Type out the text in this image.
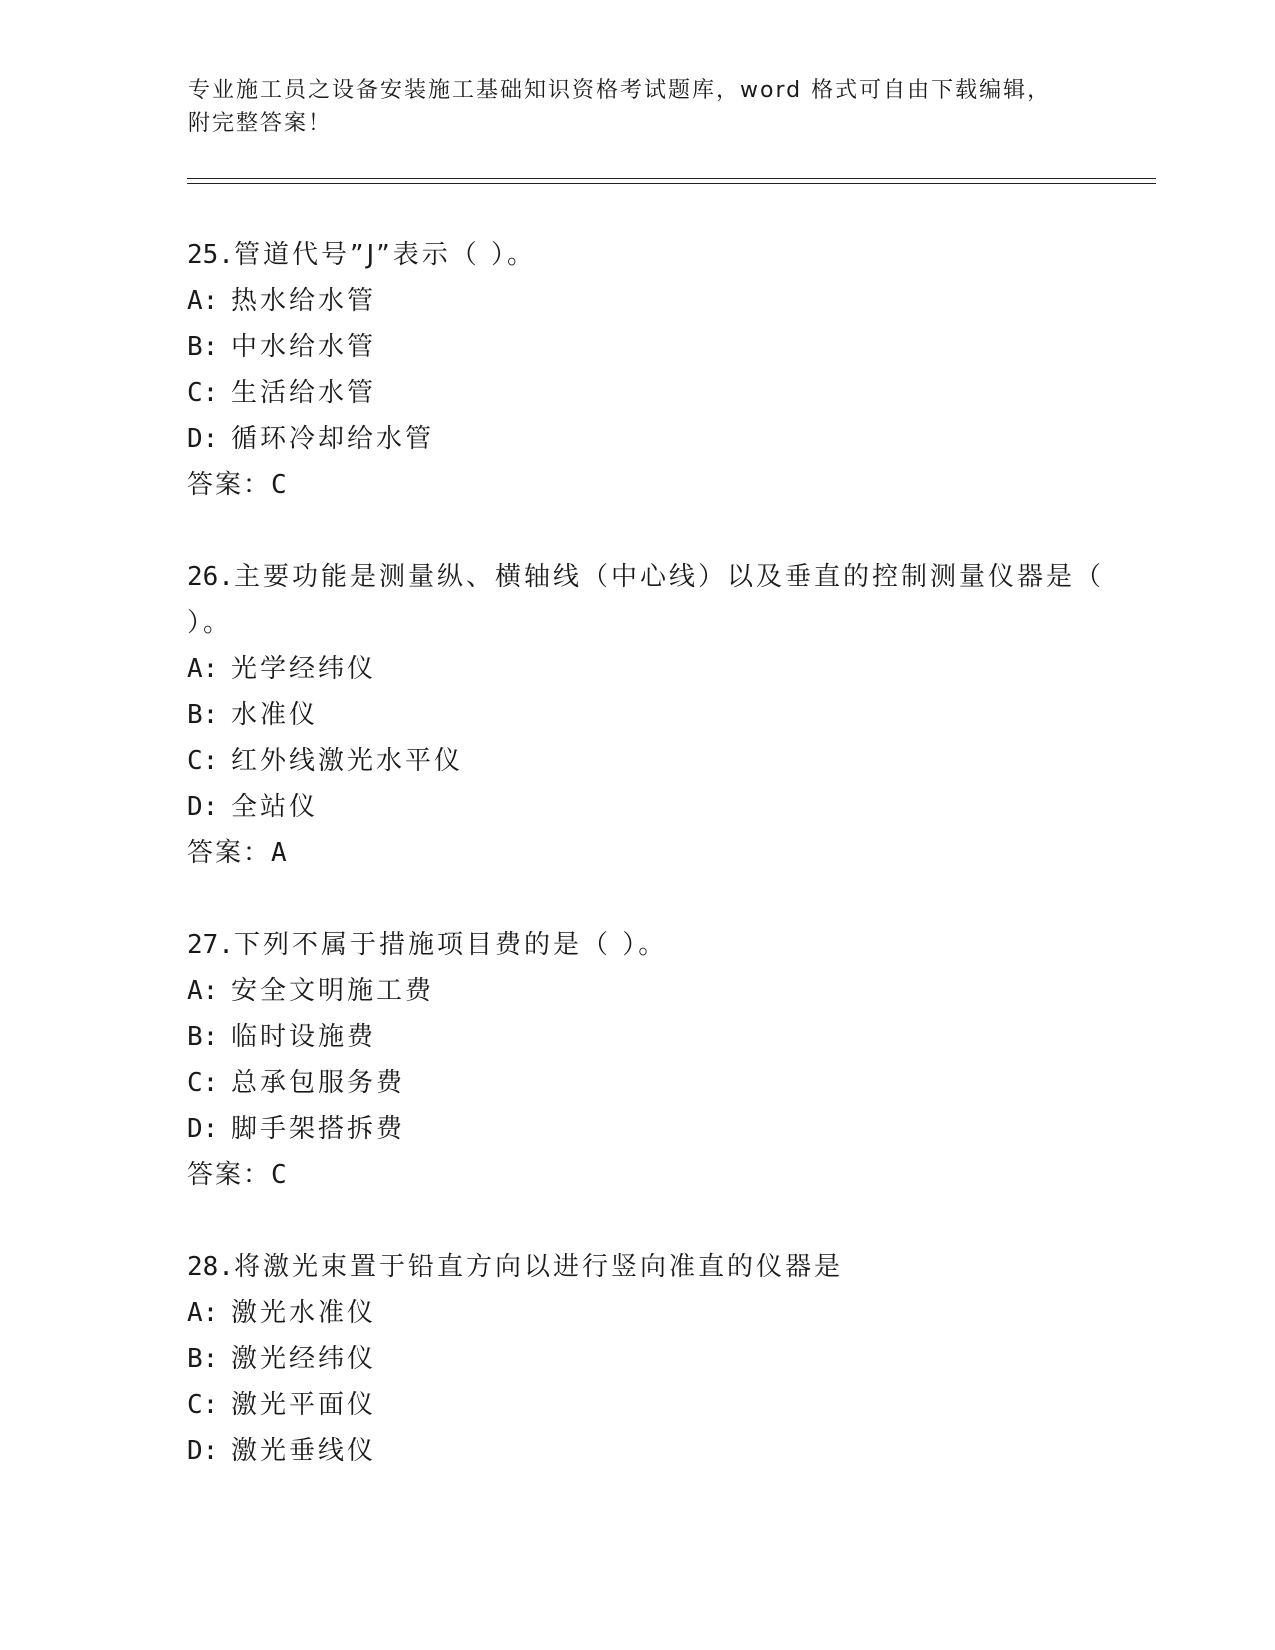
专业施工员之设备安装施工基础知识资格考试题库，word 格式可自由下载编辑，
附完整答案！
25.管道代号”J”表示（ ）。
A: 热水给水管
B: 中水给水管
C: 生活给水管
D: 循环冷却给水管
答案：C
26.主要功能是测量纵、横轴线（中心线）以及垂直的控制测量仪器是（ ）。
A: 光学经纬仪
B: 水准仪
C: 红外线激光水平仪
D: 全站仪
答案：A
27.下列不属于措施项目费的是（ ）。
A: 安全文明施工费
B: 临时设施费
C: 总承包服务费
D: 脚手架搭拆费
答案：C
28.将激光束置于铅直方向以进行竖向准直的仪器是
A: 激光水准仪
B: 激光经纬仪
C: 激光平面仪
D: 激光垂线仪
